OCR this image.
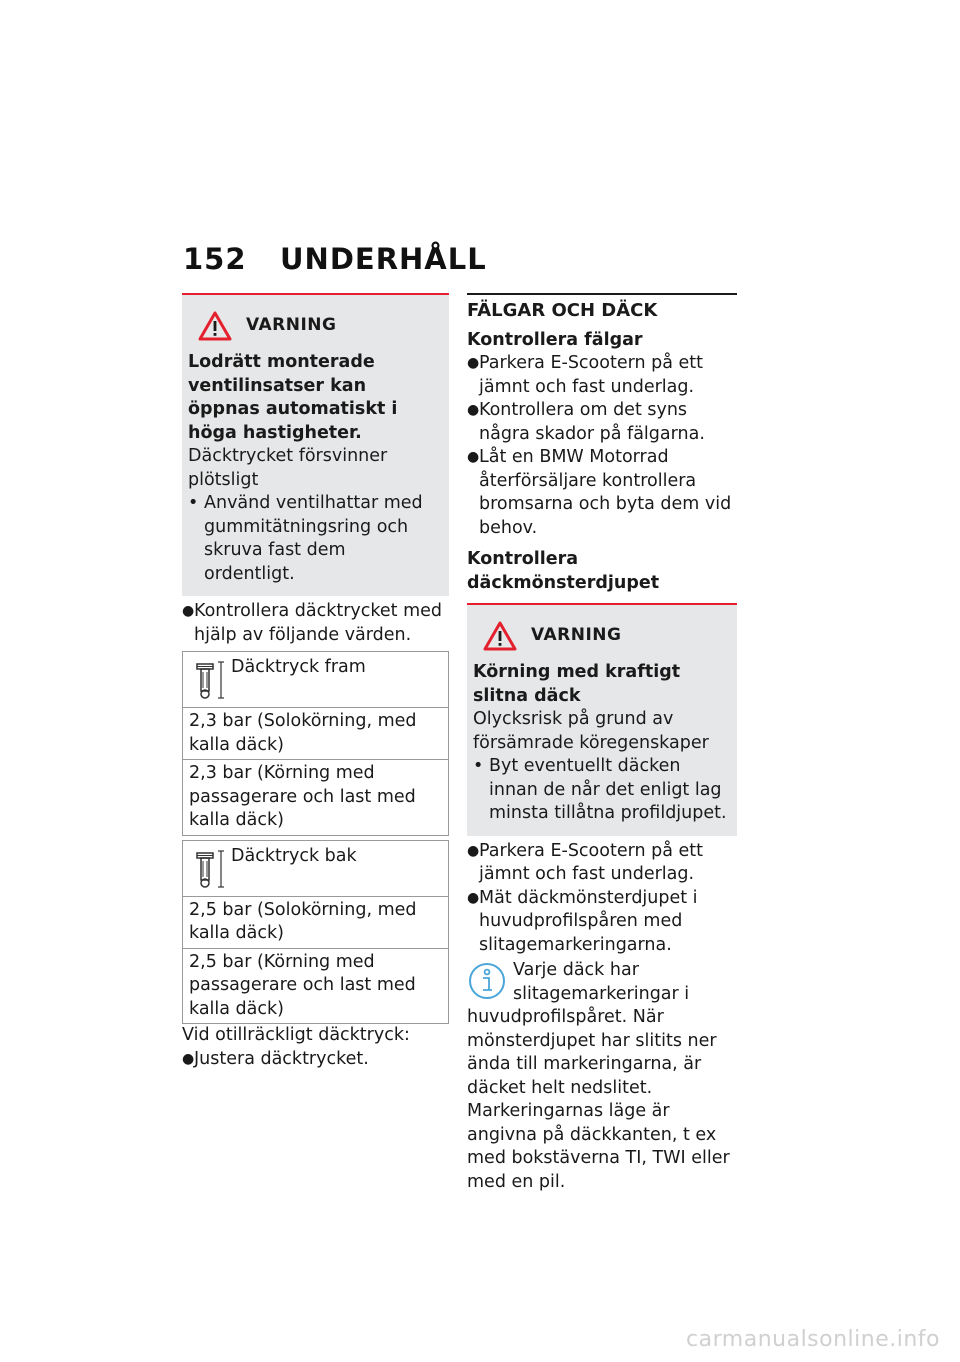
152 UNDERHÅLL
VARNING
Lodrätt monterade ventilinsatser kan öppnas automatiskt i höga hastigheter.
Däcktrycket försvinner plötsligt
• Använd ventilhattar med gummitätningsring och skruva fast dem ordentligt.
● Kontrollera däcktrycket med hjälp av följande värden.
Däcktryck fram
2,3 bar (Solokörning, med kalla däck)
2,3 bar (Körning med passagerare och last med kalla däck)
Däcktryck bak
2,5 bar (Solokörning, med kalla däck)
2,5 bar (Körning med passagerare och last med kalla däck)
Vid otillräckligt däcktryck:
● Justera däcktrycket.
FÄLGAR OCH DÄCK
Kontrollera fälgar
● Parkera E-Scootern på ett jämnt och fast underlag.
● Kontrollera om det syns några skador på fälgarna.
● Låt en BMW Motorrad återförsäljare kontrollera bromsarna och byta dem vid behov.
Kontrollera däckmönsterdjupet
VARNING
Körning med kraftigt slitna däck
Olycksrisk på grund av försämrade köregenskaper
• Byt eventuellt däcken innan de når det enligt lag minsta tillåtna profildjupet.
● Parkera E-Scootern på ett jämnt och fast underlag.
● Mät däckmönsterdjupet i huvudprofilspåren med slitagemarkeringarna.
Varje däck har slitagemarkeringar i huvudprofilspåret. När mönsterdjupet har slitits ner ända till markeringarna, är däcket helt nedslitet. Markeringarnas läge är angivna på däckkanten, t ex med bokstäverna TI, TWI eller med en pil.
carmanualsonline.info
